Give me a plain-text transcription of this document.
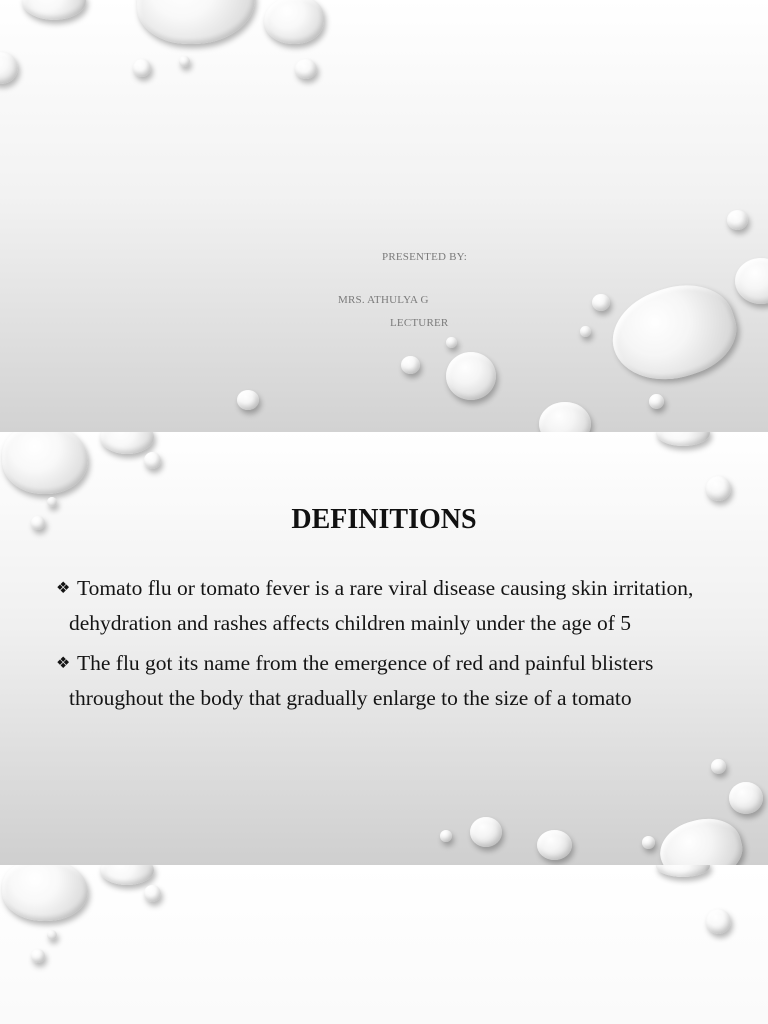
PRESENTED BY:
MRS. ATHULYA G
LECTURER
DEFINITIONS
❖ Tomato flu or tomato fever is a rare viral disease causing skin irritation, dehydration and rashes affects children mainly under the age of 5
❖ The flu got its name from the emergence of red and painful blisters throughout the body that gradually enlarge to the size of a tomato
